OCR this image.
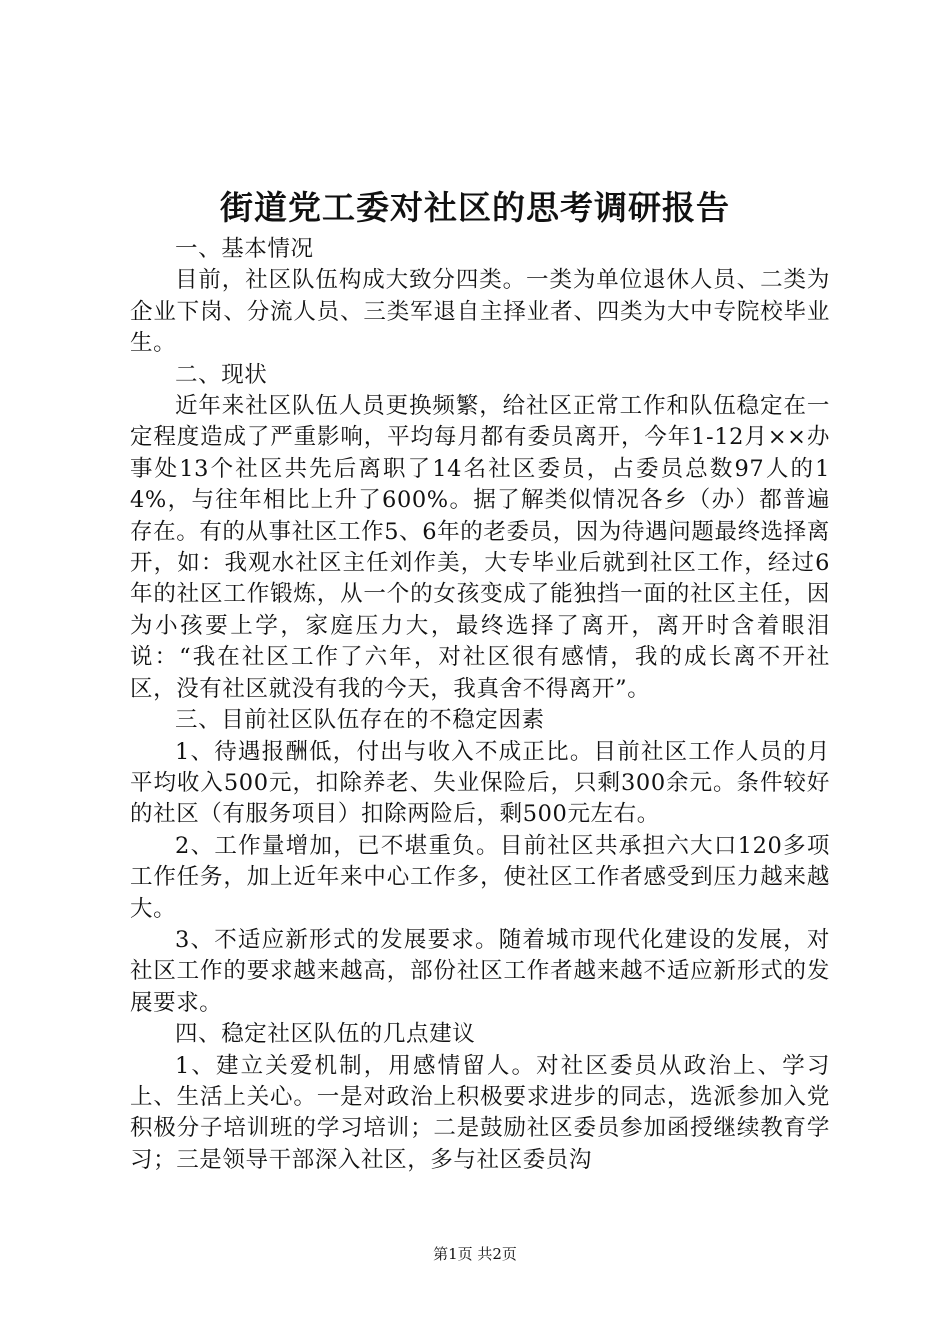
街道党工委对社区的思考调研报告

一、基本情况

目前，社区队伍构成大致分四类。一类为单位退休人员、二类为企业下岗、分流人员、三类军退自主择业者、四类为大中专院校毕业生。

二、现状

近年来社区队伍人员更换频繁，给社区正常工作和队伍稳定在一定程度造成了严重影响，平均每月都有委员离开，今年1-12月××办事处13个社区共先后离职了14名社区委员，占委员总数97人的14%，与往年相比上升了600%。据了解类似情况各乡（办）都普遍存在。有的从事社区工作5、6年的老委员，因为待遇问题最终选择离开，如：我观水社区主任刘作美，大专毕业后就到社区工作，经过6年的社区工作锻炼，从一个的女孩变成了能独挡一面的社区主任，因为小孩要上学，家庭压力大，最终选择了离开，离开时含着眼泪说：“我在社区工作了六年，对社区很有感情，我的成长离不开社区，没有社区就没有我的今天，我真舍不得离开”。

三、目前社区队伍存在的不稳定因素

1、待遇报酬低，付出与收入不成正比。目前社区工作人员的月平均收入500元，扣除养老、失业保险后，只剩300余元。条件较好的社区（有服务项目）扣除两险后，剩500元左右。

2、工作量增加，已不堪重负。目前社区共承担六大口120多项工作任务，加上近年来中心工作多，使社区工作者感受到压力越来越大。

3、不适应新形式的发展要求。随着城市现代化建设的发展，对社区工作的要求越来越高，部份社区工作者越来越不适应新形式的发展要求。

四、稳定社区队伍的几点建议

1、建立关爱机制，用感情留人。对社区委员从政治上、学习上、生活上关心。一是对政治上积极要求进步的同志，选派参加入党积极分子培训班的学习培训；二是鼓励社区委员参加函授继续教育学习；三是领导干部深入社区，多与社区委员沟

第1页 共2页
